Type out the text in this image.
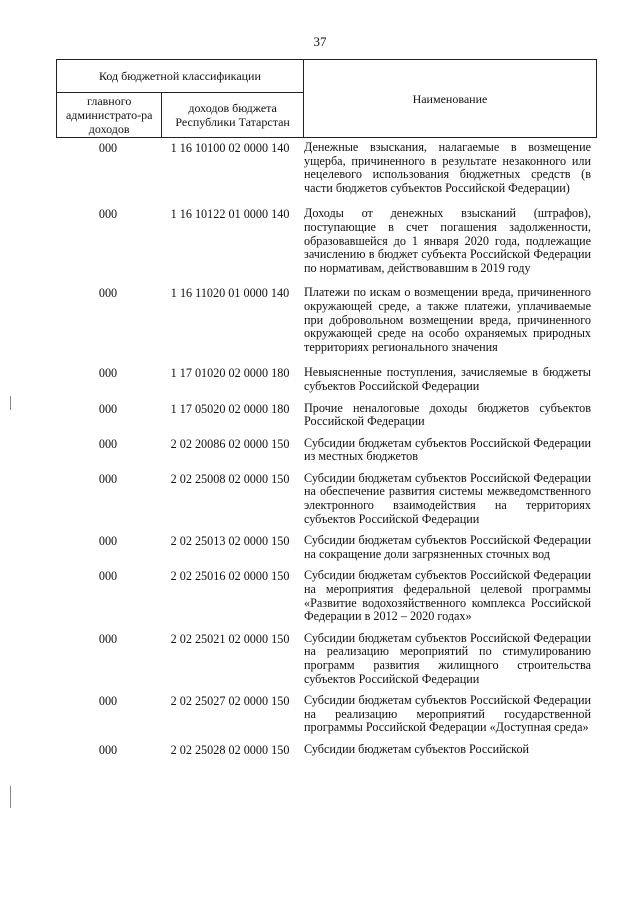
37
Код бюджетной классификации		Наименование
главного администрато-ра доходов	доходов бюджета Республики Татарстан	
000	1 16 10100 02 0000 140	Денежные взыскания, налагаемые в возмещение ущерба, причиненного в результате незаконного или нецелевого использования бюджетных средств (в части бюджетов субъектов Российской Федерации)
000	1 16 10122 01 0000 140	Доходы от денежных взысканий (штрафов), поступающие в счет погашения задолженности, образовавшейся до 1 января 2020 года, подлежащие зачислению в бюджет субъекта Российской Федерации по нормативам, действовавшим в 2019 году
000	1 16 11020 01 0000 140	Платежи по искам о возмещении вреда, причиненного окружающей среде, а также платежи, уплачиваемые при добровольном возмещении вреда, причиненного окружающей среде на особо охраняемых природных территориях регионального значения
000	1 17 01020 02 0000 180	Невыясненные поступления, зачисляемые в бюджеты субъектов Российской Федерации
000	1 17 05020 02 0000 180	Прочие неналоговые доходы бюджетов субъектов Российской Федерации
000	2 02 20086 02 0000 150	Субсидии бюджетам субъектов Российской Федерации из местных бюджетов
000	2 02 25008 02 0000 150	Субсидии бюджетам субъектов Российской Федерации на обеспечение развития системы межведомственного электронного взаимодействия на территориях субъектов Российской Федерации
000	2 02 25013 02 0000 150	Субсидии бюджетам субъектов Российской Федерации на сокращение доли загрязненных сточных вод
000	2 02 25016 02 0000 150	Субсидии бюджетам субъектов Российской Федерации на мероприятия федеральной целевой программы «Развитие водохозяйственного комплекса Российской Федерации в 2012 – 2020 годах»
000	2 02 25021 02 0000 150	Субсидии бюджетам субъектов Российской Федерации на реализацию мероприятий по стимулированию программ развития жилищного строительства субъектов Российской Федерации
000	2 02 25027 02 0000 150	Субсидии бюджетам субъектов Российской Федерации на реализацию мероприятий государственной программы Российской Федерации «Доступная среда»
000	2 02 25028 02 0000 150	Субсидии бюджетам субъектов Российской
